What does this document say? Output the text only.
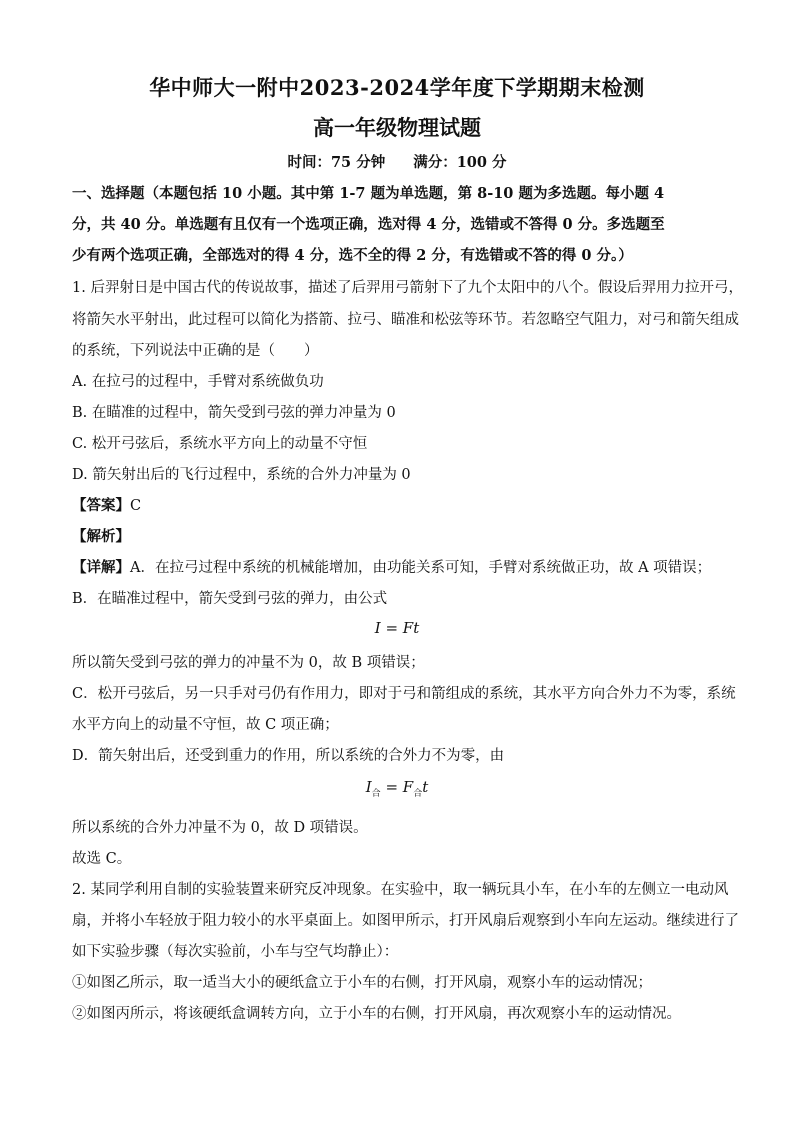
华中师大一附中2023-2024学年度下学期期末检测
高一年级物理试题
时间：75 分钟 满分：100 分
一、选择题（本题包括 10 小题。其中第 1-7 题为单选题，第 8-10 题为多选题。每小题 4
分，共 40 分。单选题有且仅有一个选项正确，选对得 4 分，选错或不答得 0 分。多选题至
少有两个选项正确，全部选对的得 4 分，选不全的得 2 分，有选错或不答的得 0 分。）
1. 后羿射日是中国古代的传说故事，描述了后羿用弓箭射下了九个太阳中的八个。假设后羿用力拉开弓，
将箭矢水平射出，此过程可以简化为搭箭、拉弓、瞄准和松弦等环节。若忽略空气阻力，对弓和箭矢组成
的系统，下列说法中正确的是（　　）
A. 在拉弓的过程中，手臂对系统做负功
B. 在瞄准的过程中，箭矢受到弓弦的弹力冲量为 0
C. 松开弓弦后，系统水平方向上的动量不守恒
D. 箭矢射出后的飞行过程中，系统的合外力冲量为 0
【答案】C
【解析】
【详解】A．在拉弓过程中系统的机械能增加，由功能关系可知，手臂对系统做正功，故 A 项错误；
B．在瞄准过程中，箭矢受到弓弦的弹力，由公式
I = Ft
所以箭矢受到弓弦的弹力的冲量不为 0，故 B 项错误；
C．松开弓弦后，另一只手对弓仍有作用力，即对于弓和箭组成的系统，其水平方向合外力不为零，系统
水平方向上的动量不守恒，故 C 项正确；
D．箭矢射出后，还受到重力的作用，所以系统的合外力不为零，由
$I_合 = F_合t$
所以系统的合外力冲量不为 0，故 D 项错误。
故选 C。
2. 某同学利用自制的实验装置来研究反冲现象。在实验中，取一辆玩具小车，在小车的左侧立一电动风
扇，并将小车轻放于阻力较小的水平桌面上。如图甲所示，打开风扇后观察到小车向左运动。继续进行了
如下实验步骤（每次实验前，小车与空气均静止）：
①如图乙所示，取一适当大小的硬纸盒立于小车的右侧，打开风扇，观察小车的运动情况；
②如图丙所示，将该硬纸盒调转方向，立于小车的右侧，打开风扇，再次观察小车的运动情况。
